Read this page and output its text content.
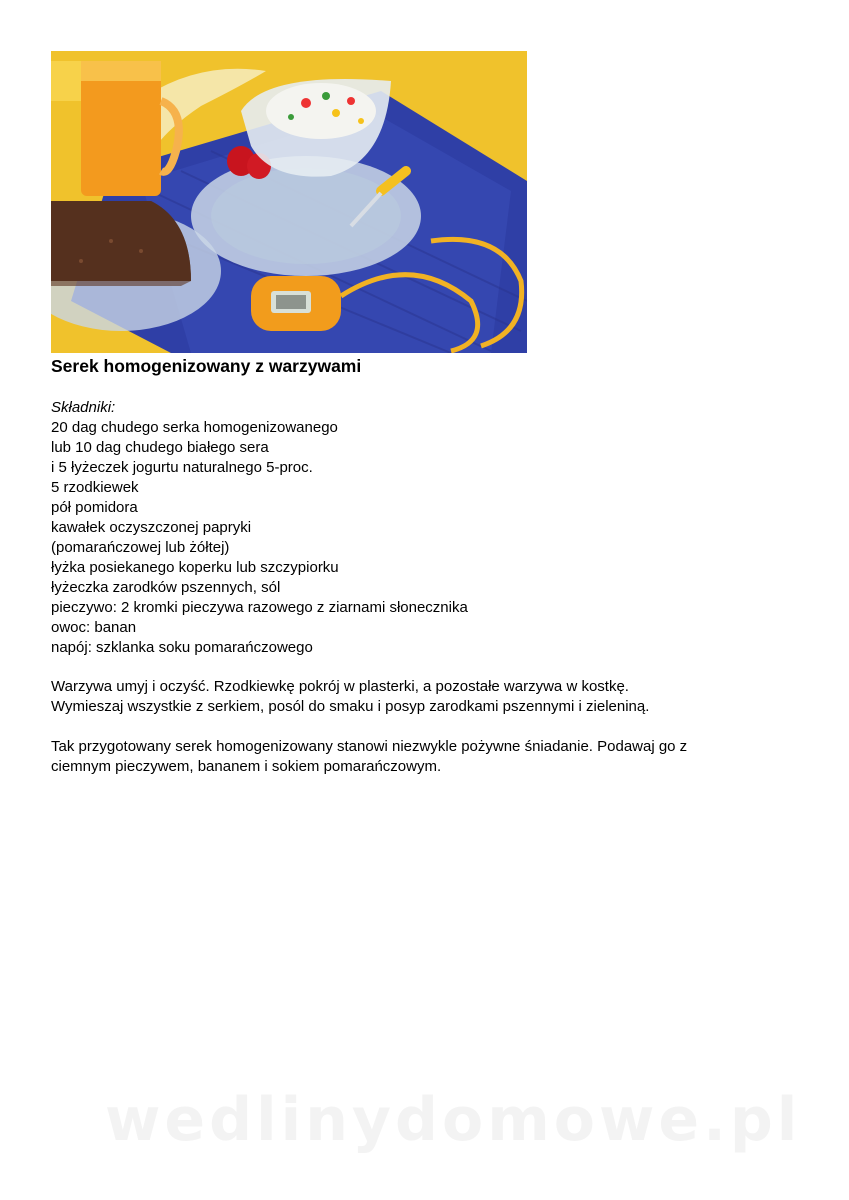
Serek homogenizowany z warzywami
Składniki:
20 dag chudego serka homogenizowanego
lub 10 dag chudego białego sera
i 5 łyżeczek jogurtu naturalnego 5-proc.
5 rzodkiewek
pół pomidora
kawałek oczyszczonej papryki
(pomarańczowej lub żółtej)
łyżka posiekanego koperku lub szczypiorku
łyżeczka zarodków pszennych, sól
pieczywo: 2 kromki pieczywa razowego z ziarnami słonecznika
owoc: banan
napój: szklanka soku pomarańczowego
Warzywa umyj i oczyść. Rzodkiewkę pokrój w plasterki, a pozostałe warzywa w kostkę.
Wymieszaj wszystkie z serkiem, posól do smaku i posyp zarodkami pszennymi i zieleniną.
Tak przygotowany serek homogenizowany stanowi niezwykle pożywne śniadanie. Podawaj go z
ciemnym pieczywem, bananem i sokiem pomarańczowym.
wedlinydomowe.pl
